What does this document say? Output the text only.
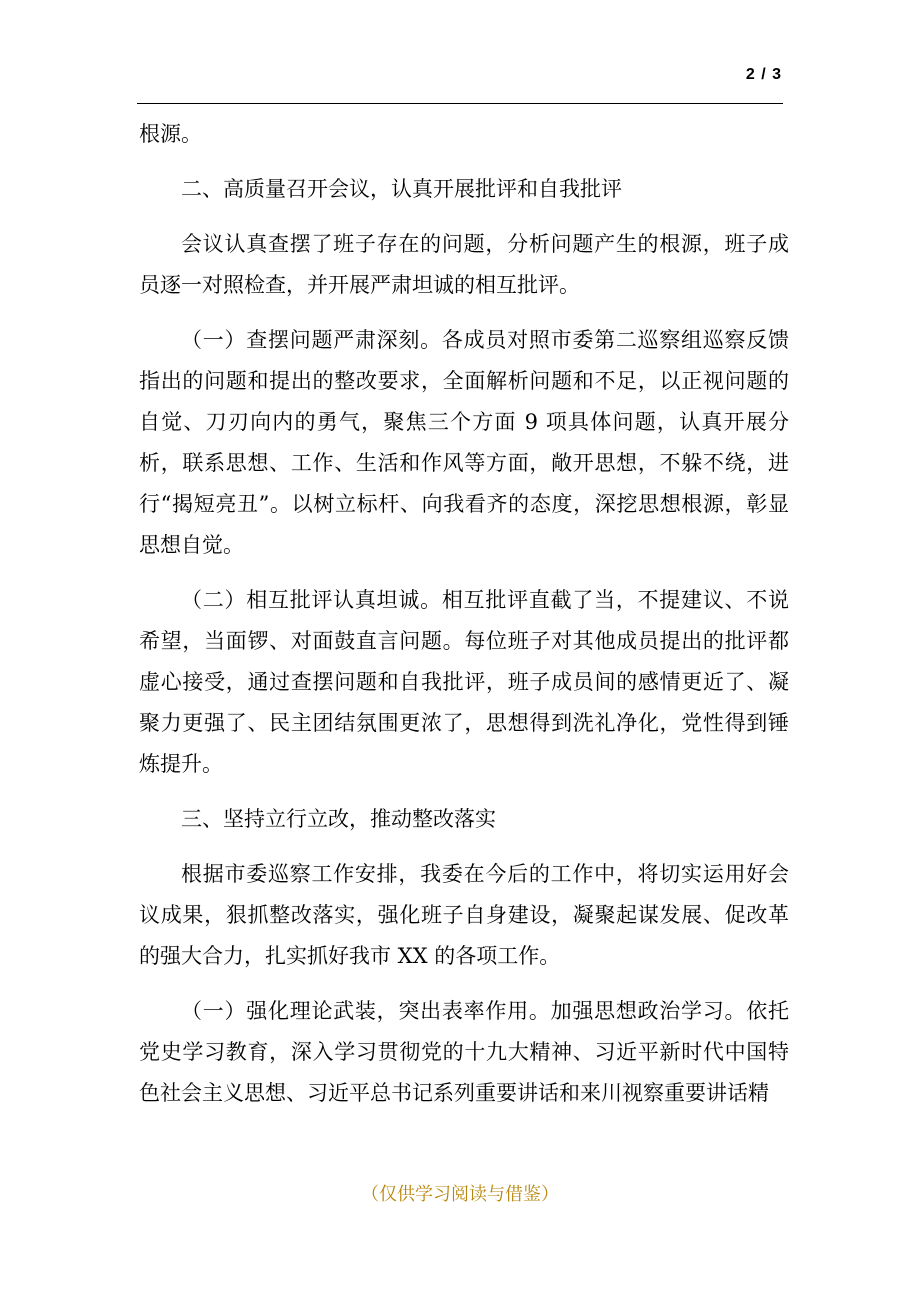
2 / 3

根源。

二、高质量召开会议，认真开展批评和自我批评

会议认真查摆了班子存在的问题，分析问题产生的根源，班子成员逐一对照检查，并开展严肃坦诚的相互批评。

（一）查摆问题严肃深刻。各成员对照市委第二巡察组巡察反馈指出的问题和提出的整改要求，全面解析问题和不足，以正视问题的自觉、刀刃向内的勇气，聚焦三个方面 9 项具体问题，认真开展分析，联系思想、工作、生活和作风等方面，敞开思想，不躲不绕，进行“揭短亮丑”。以树立标杆、向我看齐的态度，深挖思想根源，彰显思想自觉。

（二）相互批评认真坦诚。相互批评直截了当，不提建议、不说希望，当面锣、对面鼓直言问题。每位班子对其他成员提出的批评都虚心接受，通过查摆问题和自我批评，班子成员间的感情更近了、凝聚力更强了、民主团结氛围更浓了，思想得到洗礼净化，党性得到锤炼提升。

三、坚持立行立改，推动整改落实

根据市委巡察工作安排，我委在今后的工作中，将切实运用好会议成果，狠抓整改落实，强化班子自身建设，凝聚起谋发展、促改革的强大合力，扎实抓好我市 XX 的各项工作。

（一）强化理论武装，突出表率作用。加强思想政治学习。依托党史学习教育，深入学习贯彻党的十九大精神、习近平新时代中国特色社会主义思想、习近平总书记系列重要讲话和来川视察重要讲话精

（仅供学习阅读与借鉴）
